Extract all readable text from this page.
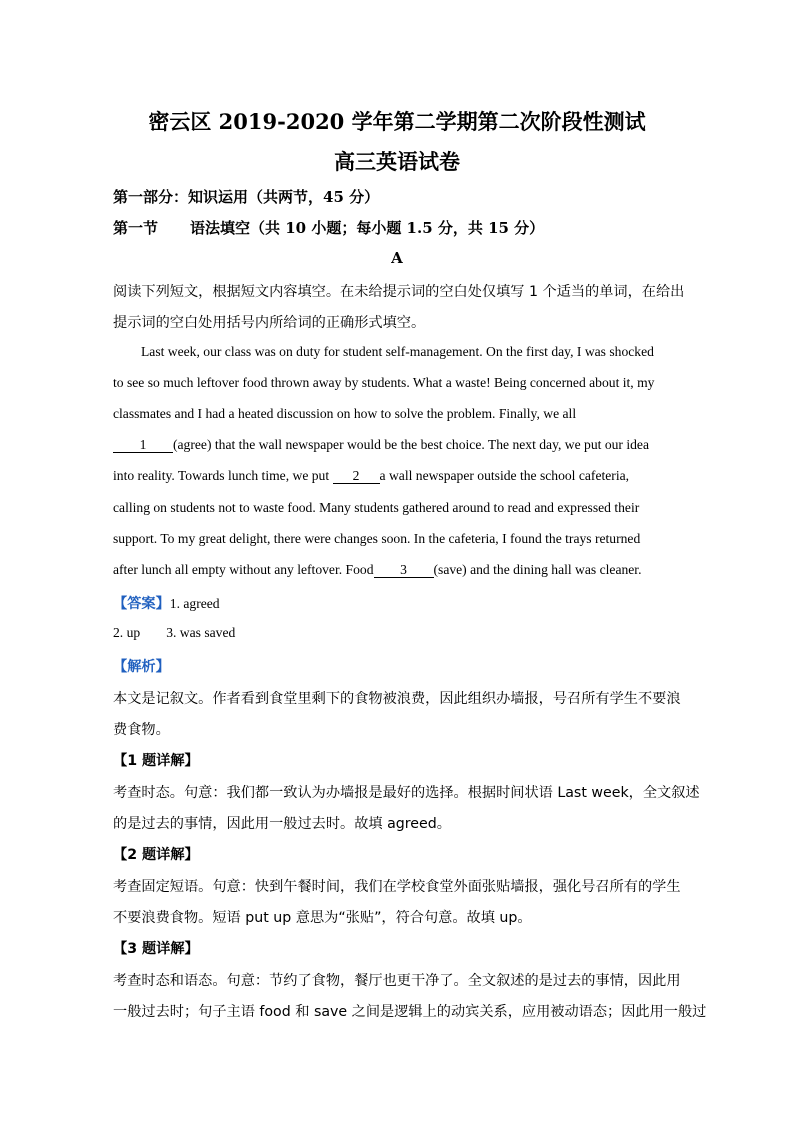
密云区 2019-2020 学年第二学期第二次阶段性测试
高三英语试卷
第一部分：知识运用（共两节，45 分）
第一节 语法填空（共 10 小题；每小题 1.5 分，共 15 分）
A
阅读下列短文，根据短文内容填空。在未给提示词的空白处仅填写 1 个适当的单词，在给出
提示词的空白处用括号内所给词的正确形式填空。
Last week, our class was on duty for student self-management. On the first day, I was shocked
to see so much leftover food thrown away by students. What a waste! Being concerned about it, my
classmates and I had a heated discussion on how to solve the problem. Finally, we all
1 (agree) that the wall newspaper would be the best choice. The next day, we put our idea
into reality. Towards lunch time, we put 2 a wall newspaper outside the school cafeteria,
calling on students not to waste food. Many students gathered around to read and expressed their
support. To my great delight, there were changes soon. In the cafeteria, I found the trays returned
after lunch all empty without any leftover. Food 3 (save) and the dining hall was cleaner.
【答案】1. agreed
2. up 3. was saved
【解析】
本文是记叙文。作者看到食堂里剩下的食物被浪费，因此组织办墙报，号召所有学生不要浪
费食物。
【1 题详解】
考查时态。句意：我们都一致认为办墙报是最好的选择。根据时间状语 Last week，全文叙述
的是过去的事情，因此用一般过去时。故填 agreed。
【2 题详解】
考查固定短语。句意：快到午餐时间，我们在学校食堂外面张贴墙报，强化号召所有的学生
不要浪费食物。短语 put up 意思为“张贴”，符合句意。故填 up。
【3 题详解】
考查时态和语态。句意：节约了食物，餐厅也更干净了。全文叙述的是过去的事情，因此用
一般过去时；句子主语 food 和 save 之间是逻辑上的动宾关系，应用被动语态；因此用一般过
